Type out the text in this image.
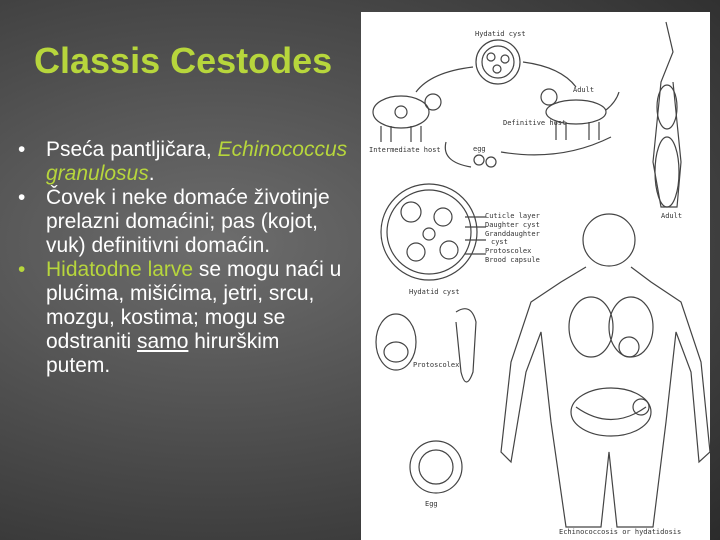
Classis Cestodes
• Pseća pantljičara, Echinococcus granulosus.
• Čovek i neke domaće životinje prelazni domaćini; pas (kojot, vuk) definitivni domaćin.
• Hidatodne larve se mogu naći u plućima, mišićima, jetri, srcu, mozgu, kostima; mogu se odstraniti samo hirurškim putem.
Hydatid cyst
Adult
Definitive host
Intermediate host	egg
Adult
Cuticle layer
Daughter cyst
Granddaughter
cyst
Protoscolex
Brood capsule
Hydatid cyst
Protoscolex
Egg
Echinococcosis or hydatidosis
